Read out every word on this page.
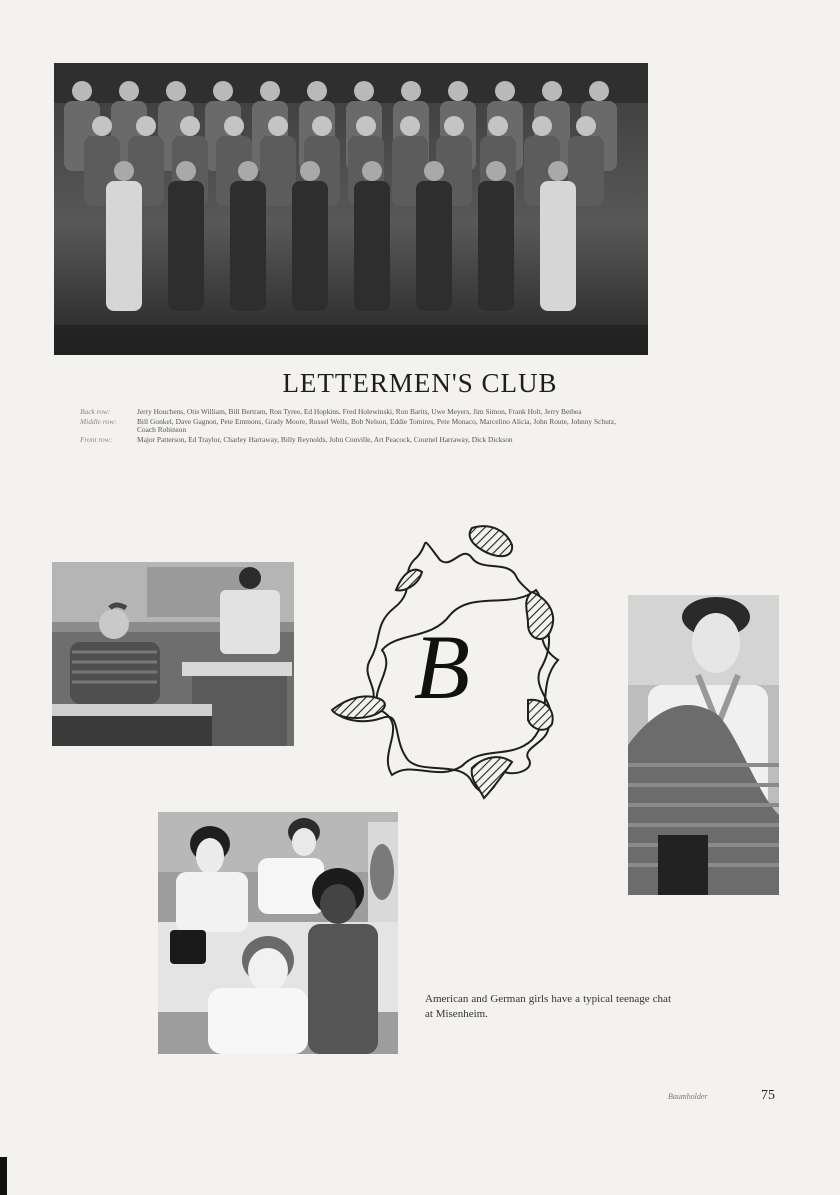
LETTERMEN'S CLUB
Back row:	Jerry Houchens, Otis William, Bill Bertram, Ron Tyree, Ed Hopkins, Fred Holewinski, Ron Barits, Uwe Meyers, Jim Simon, Frank Holt, Jerry Bethea
Middle row:	Bill Gonkel, Dave Gagnon, Pete Emmons, Grady Moore, Russel Wells, Bob Nelson, Eddie Tomires, Pete Monaco, Marcelino Alicia, John Route, Johnny Schutz, Coach Robinson
Front row:	Major Patterson, Ed Traylor, Charley Harraway, Billy Reynolds, John Conville, Art Peacock, Cournel Harraway, Dick Dickson
B
American and German girls have a typical teenage chat at Misenheim.
Baumholder	75
